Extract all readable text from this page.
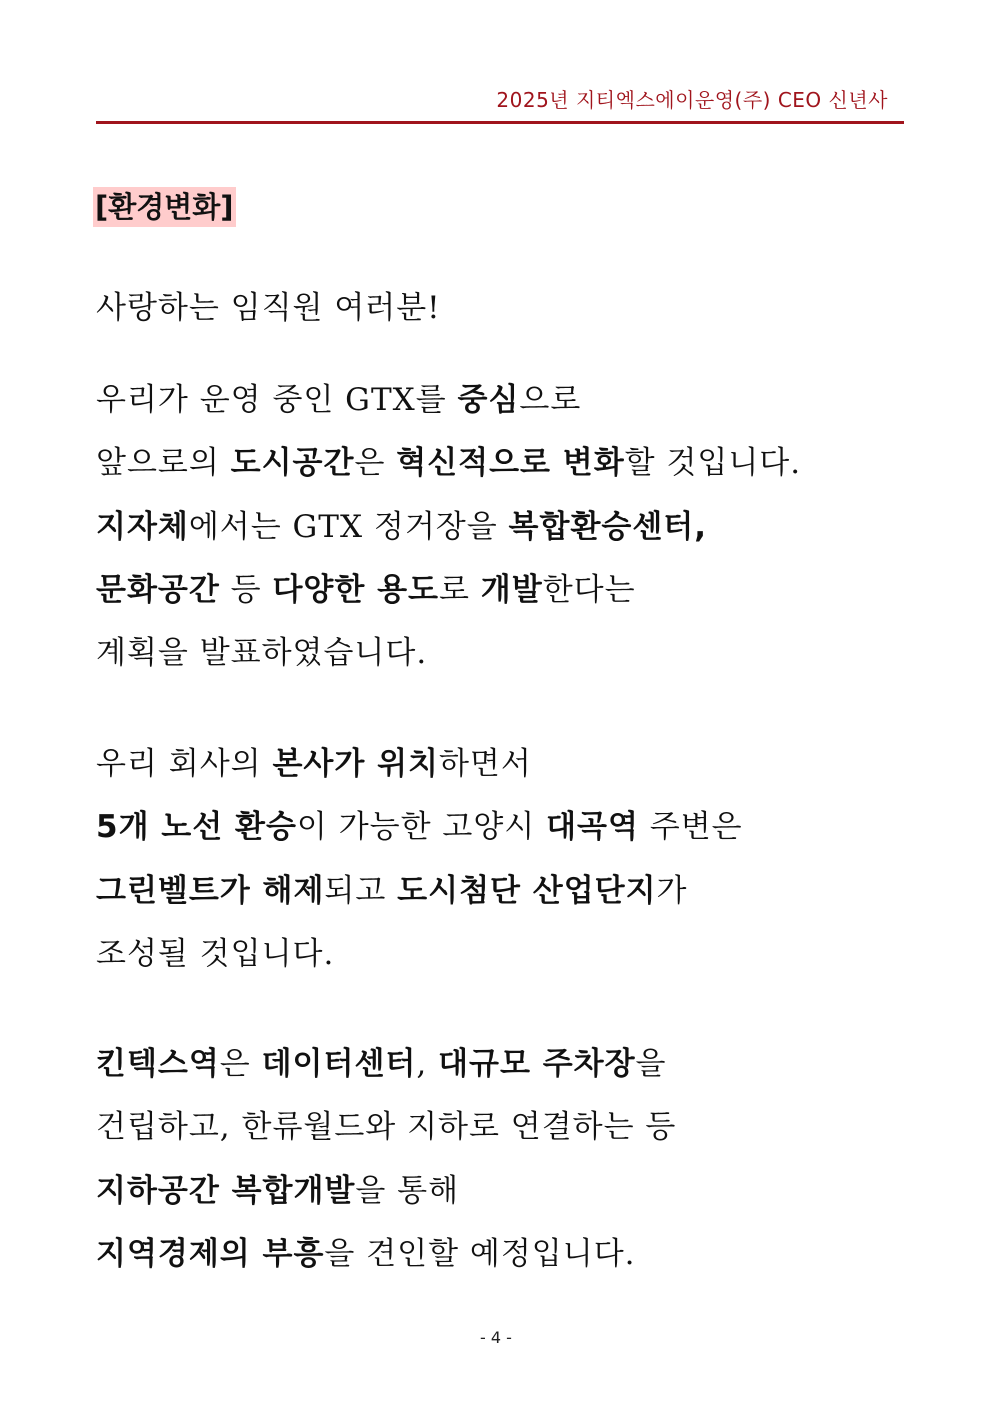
2025년 지티엑스에이운영(주) CEO 신년사
[환경변화]
사랑하는 임직원 여러분!
우리가 운영 중인 GTX를 중심으로
앞으로의 도시공간은 혁신적으로 변화할 것입니다.
지자체에서는 GTX 정거장을 복합환승센터,
문화공간 등 다양한 용도로 개발한다는
계획을 발표하였습니다.
우리 회사의 본사가 위치하면서
5개 노선 환승이 가능한 고양시 대곡역 주변은
그린벨트가 해제되고 도시첨단 산업단지가
조성될 것입니다.
킨텍스역은 데이터센터, 대규모 주차장을
건립하고, 한류월드와 지하로 연결하는 등
지하공간 복합개발을 통해
지역경제의 부흥을 견인할 예정입니다.
- 4 -
